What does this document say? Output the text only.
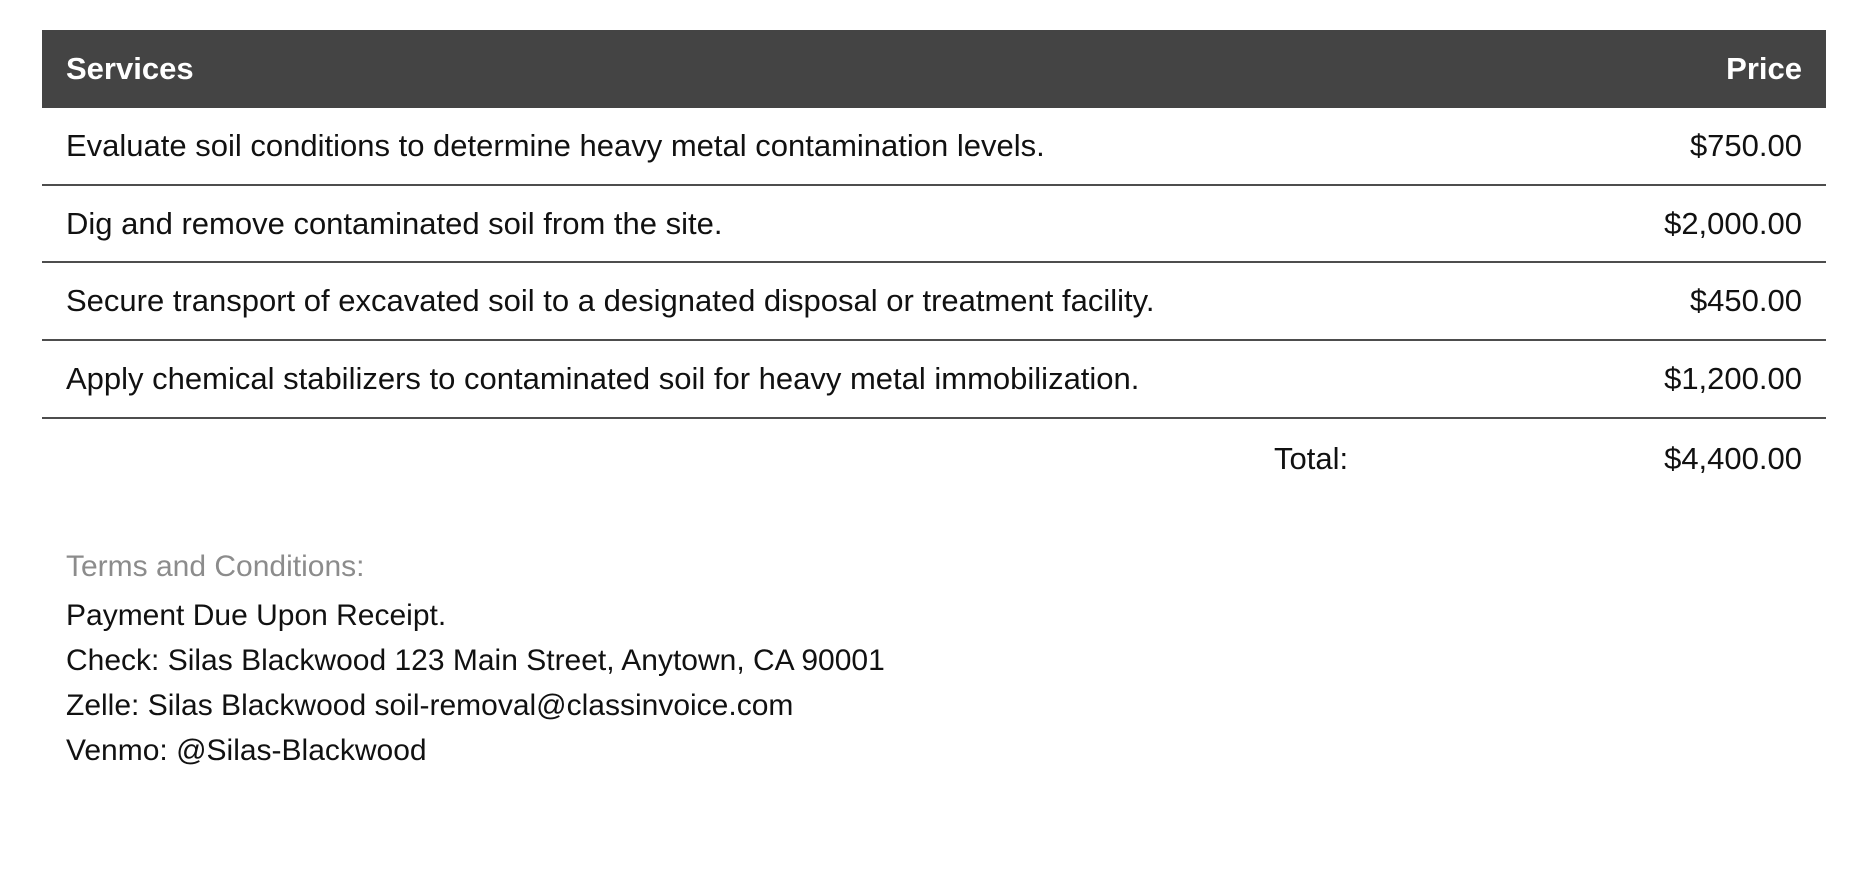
Services	Price
Evaluate soil conditions to determine heavy metal contamination levels.	$750.00
Dig and remove contaminated soil from the site.	$2,000.00
Secure transport of excavated soil to a designated disposal or treatment facility.	$450.00
Apply chemical stabilizers to contaminated soil for heavy metal immobilization.	$1,200.00
Total:	$4,400.00
Terms and Conditions:
Payment Due Upon Receipt.
Check: Silas Blackwood 123 Main Street, Anytown, CA 90001
Zelle: Silas Blackwood soil-removal@classinvoice.com
Venmo: @Silas-Blackwood
